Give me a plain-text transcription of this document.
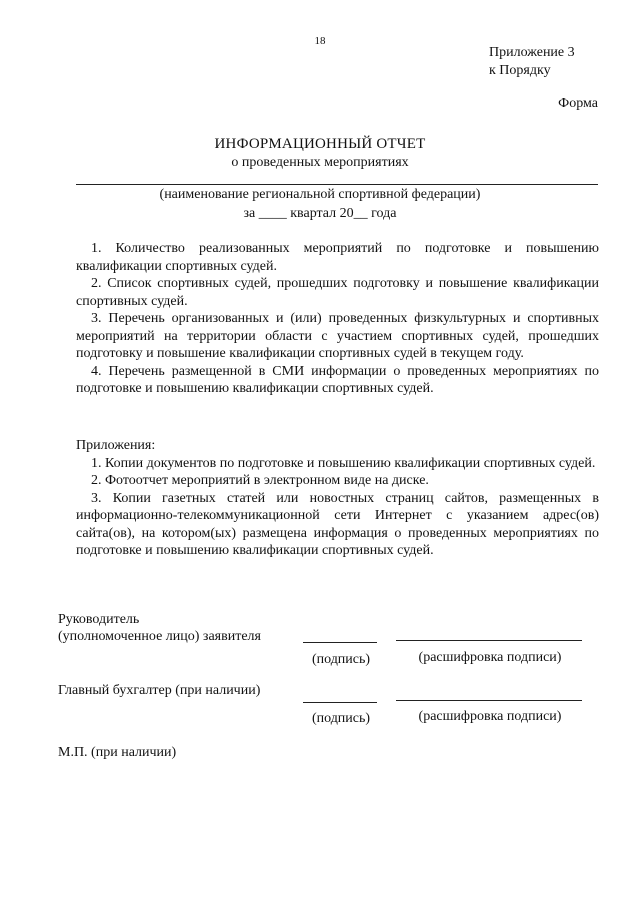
18
Приложение 3
к Порядку
Форма
ИНФОРМАЦИОННЫЙ ОТЧЕТ
о проведенных мероприятиях
(наименование региональной спортивной федерации)
за ____ квартал 20__ года

1. Количество реализованных мероприятий по подготовке и повышению квалификации спортивных судей.

2. Список спортивных судей, прошедших подготовку и повышение квалификации спортивных судей.

3. Перечень организованных и (или) проведенных физкультурных и спортивных мероприятий на территории области с участием спортивных судей, прошедших подготовку и повышение квалификации спортивных судей в текущем году.

4. Перечень размещенной в СМИ информации о проведенных мероприятиях по подготовке и повышению квалификации спортивных судей.

Приложения:

1. Копии документов по подготовке и повышению квалификации спортивных судей.

2. Фотоотчет мероприятий в электронном виде на диске.

3. Копии газетных статей или новостных страниц сайтов, размещенных в информационно-телекоммуникационной сети Интернет с указанием адрес(ов) сайта(ов), на котором(ых) размещена информация о проведенных мероприятиях по подготовке и повышению квалификации спортивных судей.

Руководитель
(уполномоченное лицо) заявителя
(подпись)	(расшифровка подписи)
Главный бухгалтер (при наличии)
(подпись)	(расшифровка подписи)
М.П. (при наличии)
